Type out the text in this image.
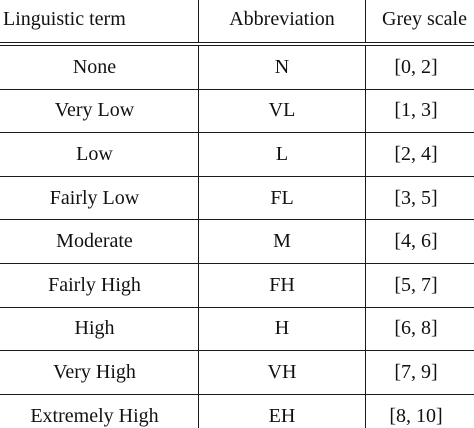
Linguistic term	Abbreviation	Grey scale
None	N	[0, 2]
Very Low	VL	[1, 3]
Low	L	[2, 4]
Fairly Low	FL	[3, 5]
Moderate	M	[4, 6]
Fairly High	FH	[5, 7]
High	H	[6, 8]
Very High	VH	[7, 9]
Extremely High	EH	[8, 10]
